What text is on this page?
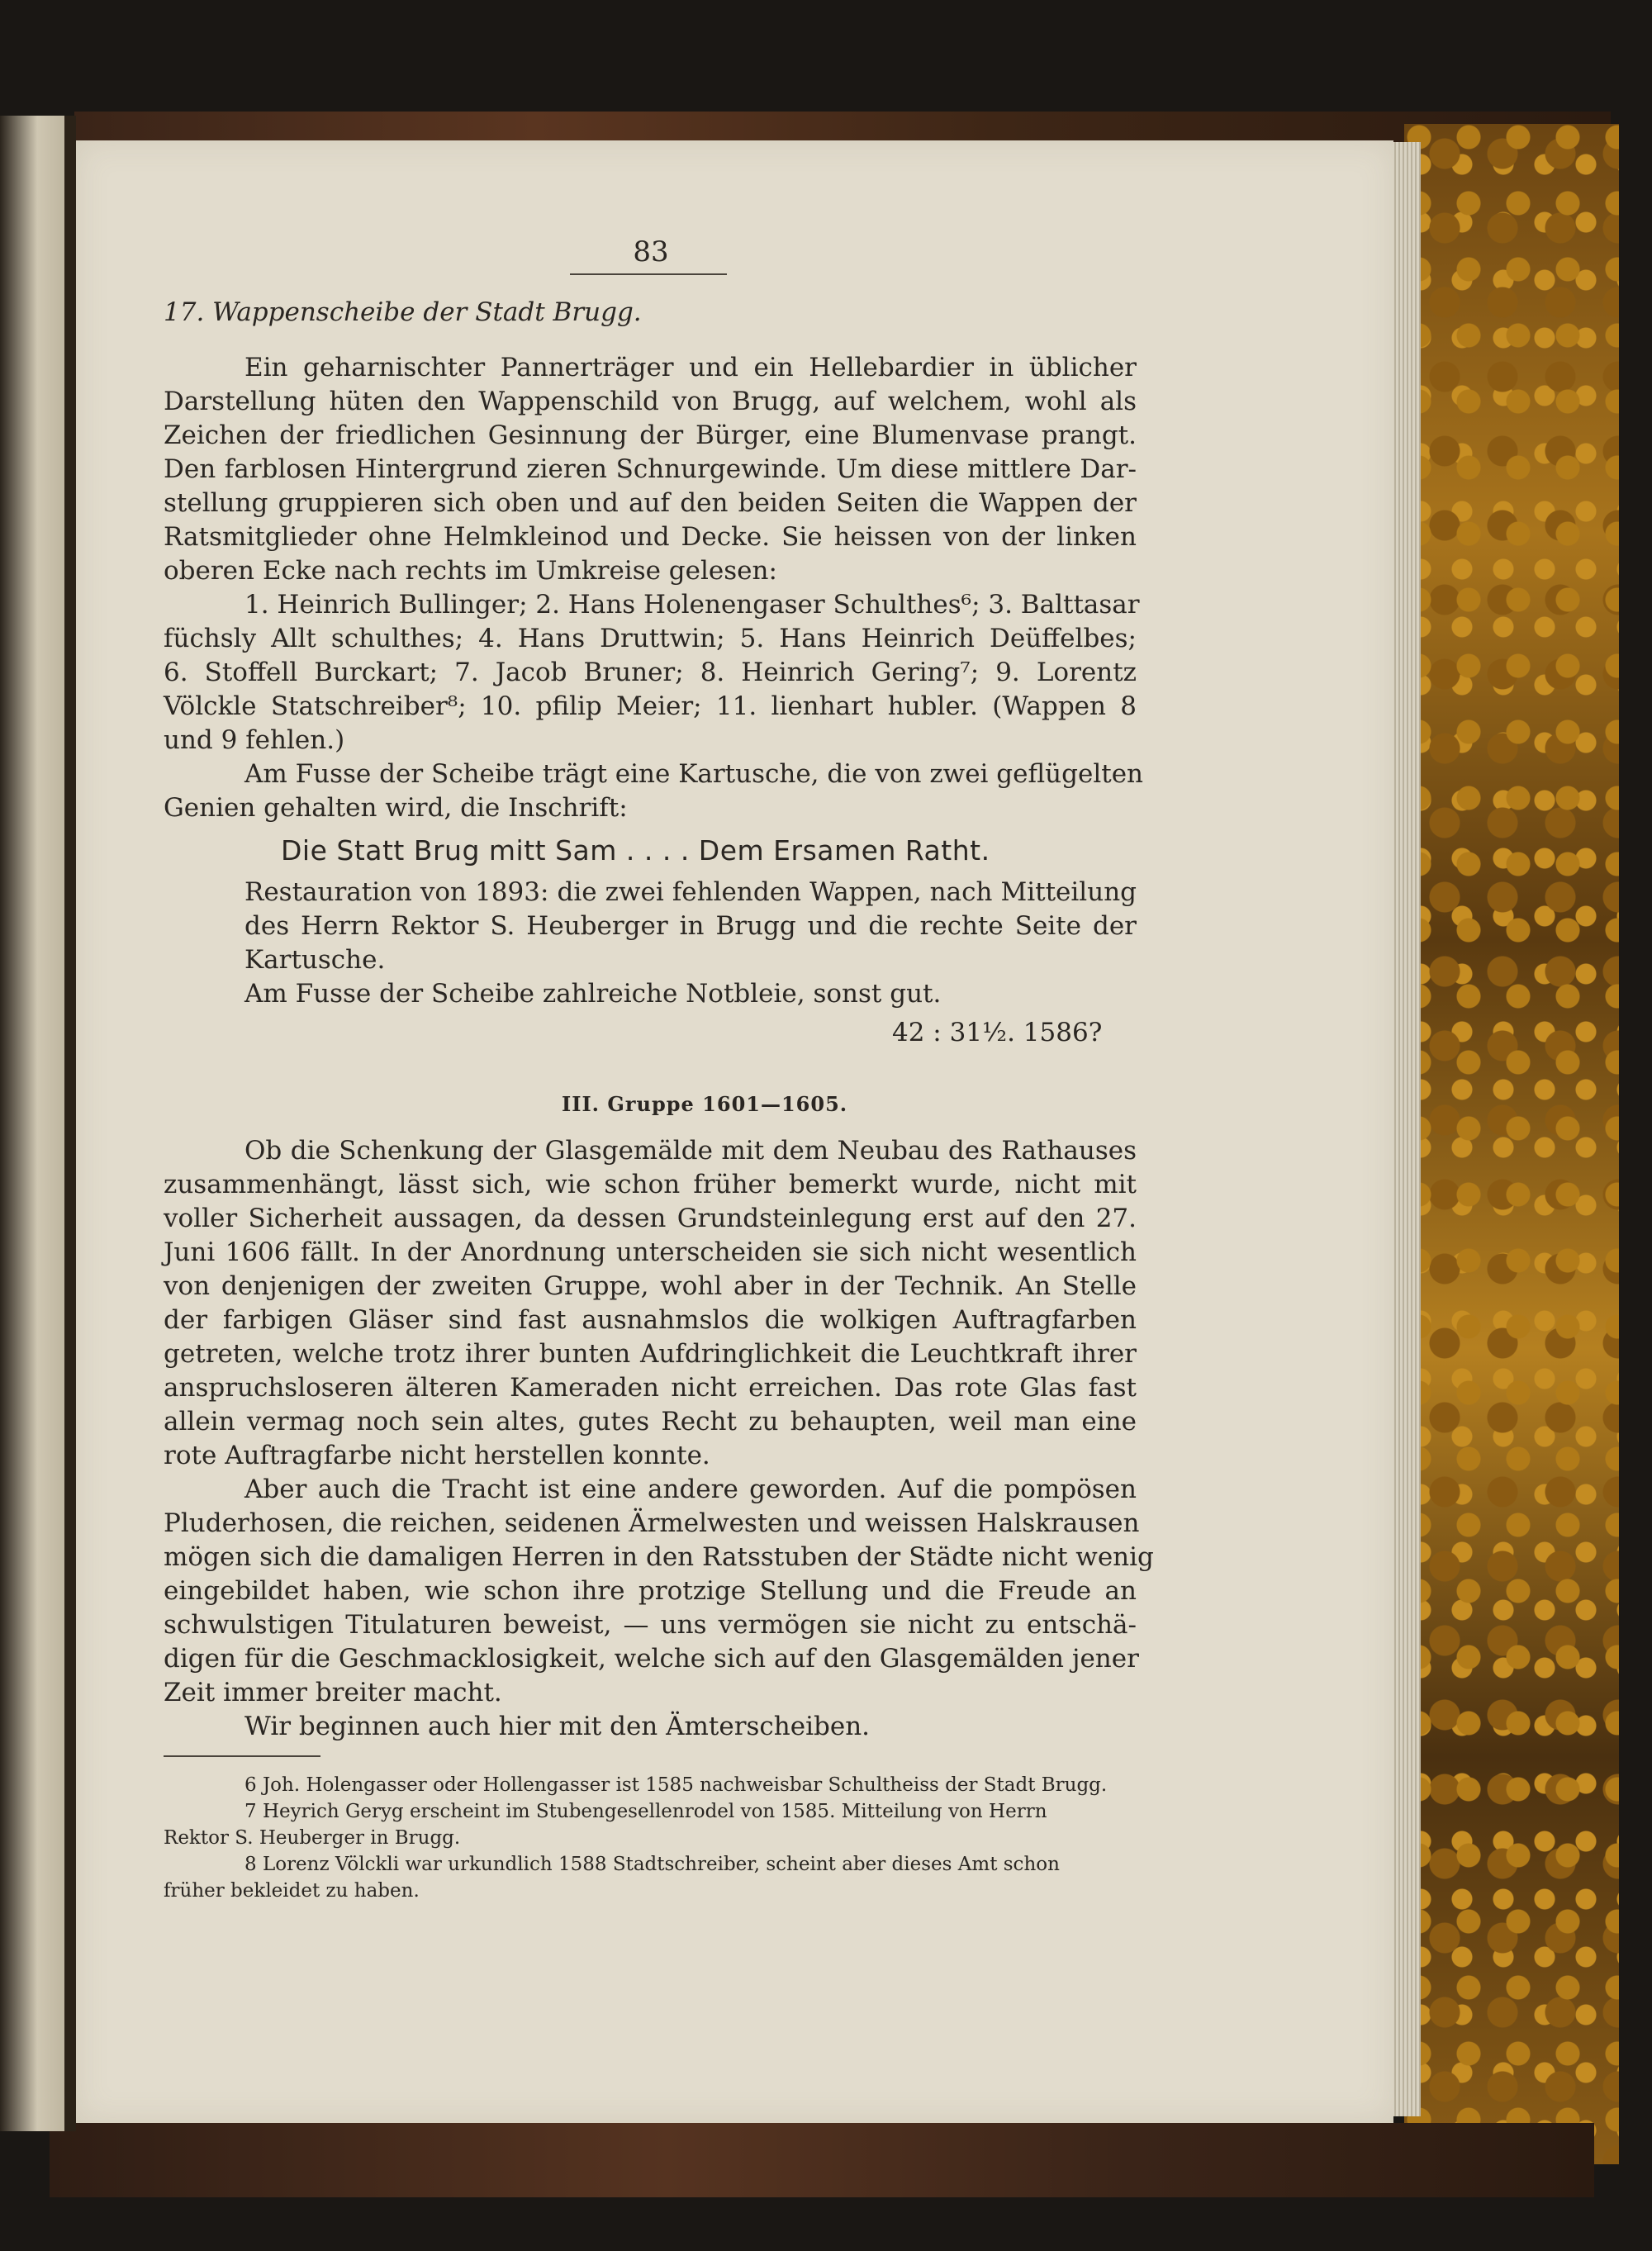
83
17. Wappenscheibe der Stadt Brugg.
Ein geharnischter Pannerträger und ein Hellebardier in üblicher
Darstellung hüten den Wappenschild von Brugg, auf welchem, wohl als
Zeichen der friedlichen Gesinnung der Bürger, eine Blumenvase prangt.
Den farblosen Hintergrund zieren Schnurgewinde. Um diese mittlere Dar-
stellung gruppieren sich oben und auf den beiden Seiten die Wappen der
Ratsmitglieder ohne Helmkleinod und Decke. Sie heissen von der linken
oberen Ecke nach rechts im Umkreise gelesen:
1. Heinrich Bullinger; 2. Hans Holenengaser Schulthes⁶; 3. Balttasar
füchsly Allt schulthes; 4. Hans Druttwin; 5. Hans Heinrich Deüffelbes;
6. Stoffell Burckart; 7. Jacob Bruner; 8. Heinrich Gering⁷; 9. Lorentz
Völckle Statschreiber⁸; 10. pfilip Meier; 11. lienhart hubler. (Wappen 8
und 9 fehlen.)
Am Fusse der Scheibe trägt eine Kartusche, die von zwei geflügelten
Genien gehalten wird, die Inschrift:
Die Statt Brug mitt Sam . . . . Dem Ersamen Ratht.
Restauration von 1893: die zwei fehlenden Wappen, nach Mitteilung
des Herrn Rektor S. Heuberger in Brugg und die rechte Seite der
Kartusche.
Am Fusse der Scheibe zahlreiche Notbleie, sonst gut.
42 : 31½. 1586?
III. Gruppe 1601—1605.
Ob die Schenkung der Glasgemälde mit dem Neubau des Rathauses
zusammenhängt, lässt sich, wie schon früher bemerkt wurde, nicht mit
voller Sicherheit aussagen, da dessen Grundsteinlegung erst auf den 27.
Juni 1606 fällt. In der Anordnung unterscheiden sie sich nicht wesentlich
von denjenigen der zweiten Gruppe, wohl aber in der Technik. An Stelle
der farbigen Gläser sind fast ausnahmslos die wolkigen Auftragfarben
getreten, welche trotz ihrer bunten Aufdringlichkeit die Leuchtkraft ihrer
anspruchsloseren älteren Kameraden nicht erreichen. Das rote Glas fast
allein vermag noch sein altes, gutes Recht zu behaupten, weil man eine
rote Auftragfarbe nicht herstellen konnte.
Aber auch die Tracht ist eine andere geworden. Auf die pompösen
Pluderhosen, die reichen, seidenen Ärmelwesten und weissen Halskrausen
mögen sich die damaligen Herren in den Ratsstuben der Städte nicht wenig
eingebildet haben, wie schon ihre protzige Stellung und die Freude an
schwulstigen Titulaturen beweist, — uns vermögen sie nicht zu entschä-
digen für die Geschmacklosigkeit, welche sich auf den Glasgemälden jener
Zeit immer breiter macht.
Wir beginnen auch hier mit den Ämterscheiben.
6 Joh. Holengasser oder Hollengasser ist 1585 nachweisbar Schultheiss der Stadt Brugg.
7 Heyrich Geryg erscheint im Stubengesellenrodel von 1585. Mitteilung von Herrn
Rektor S. Heuberger in Brugg.
8 Lorenz Völckli war urkundlich 1588 Stadtschreiber, scheint aber dieses Amt schon
früher bekleidet zu haben.
